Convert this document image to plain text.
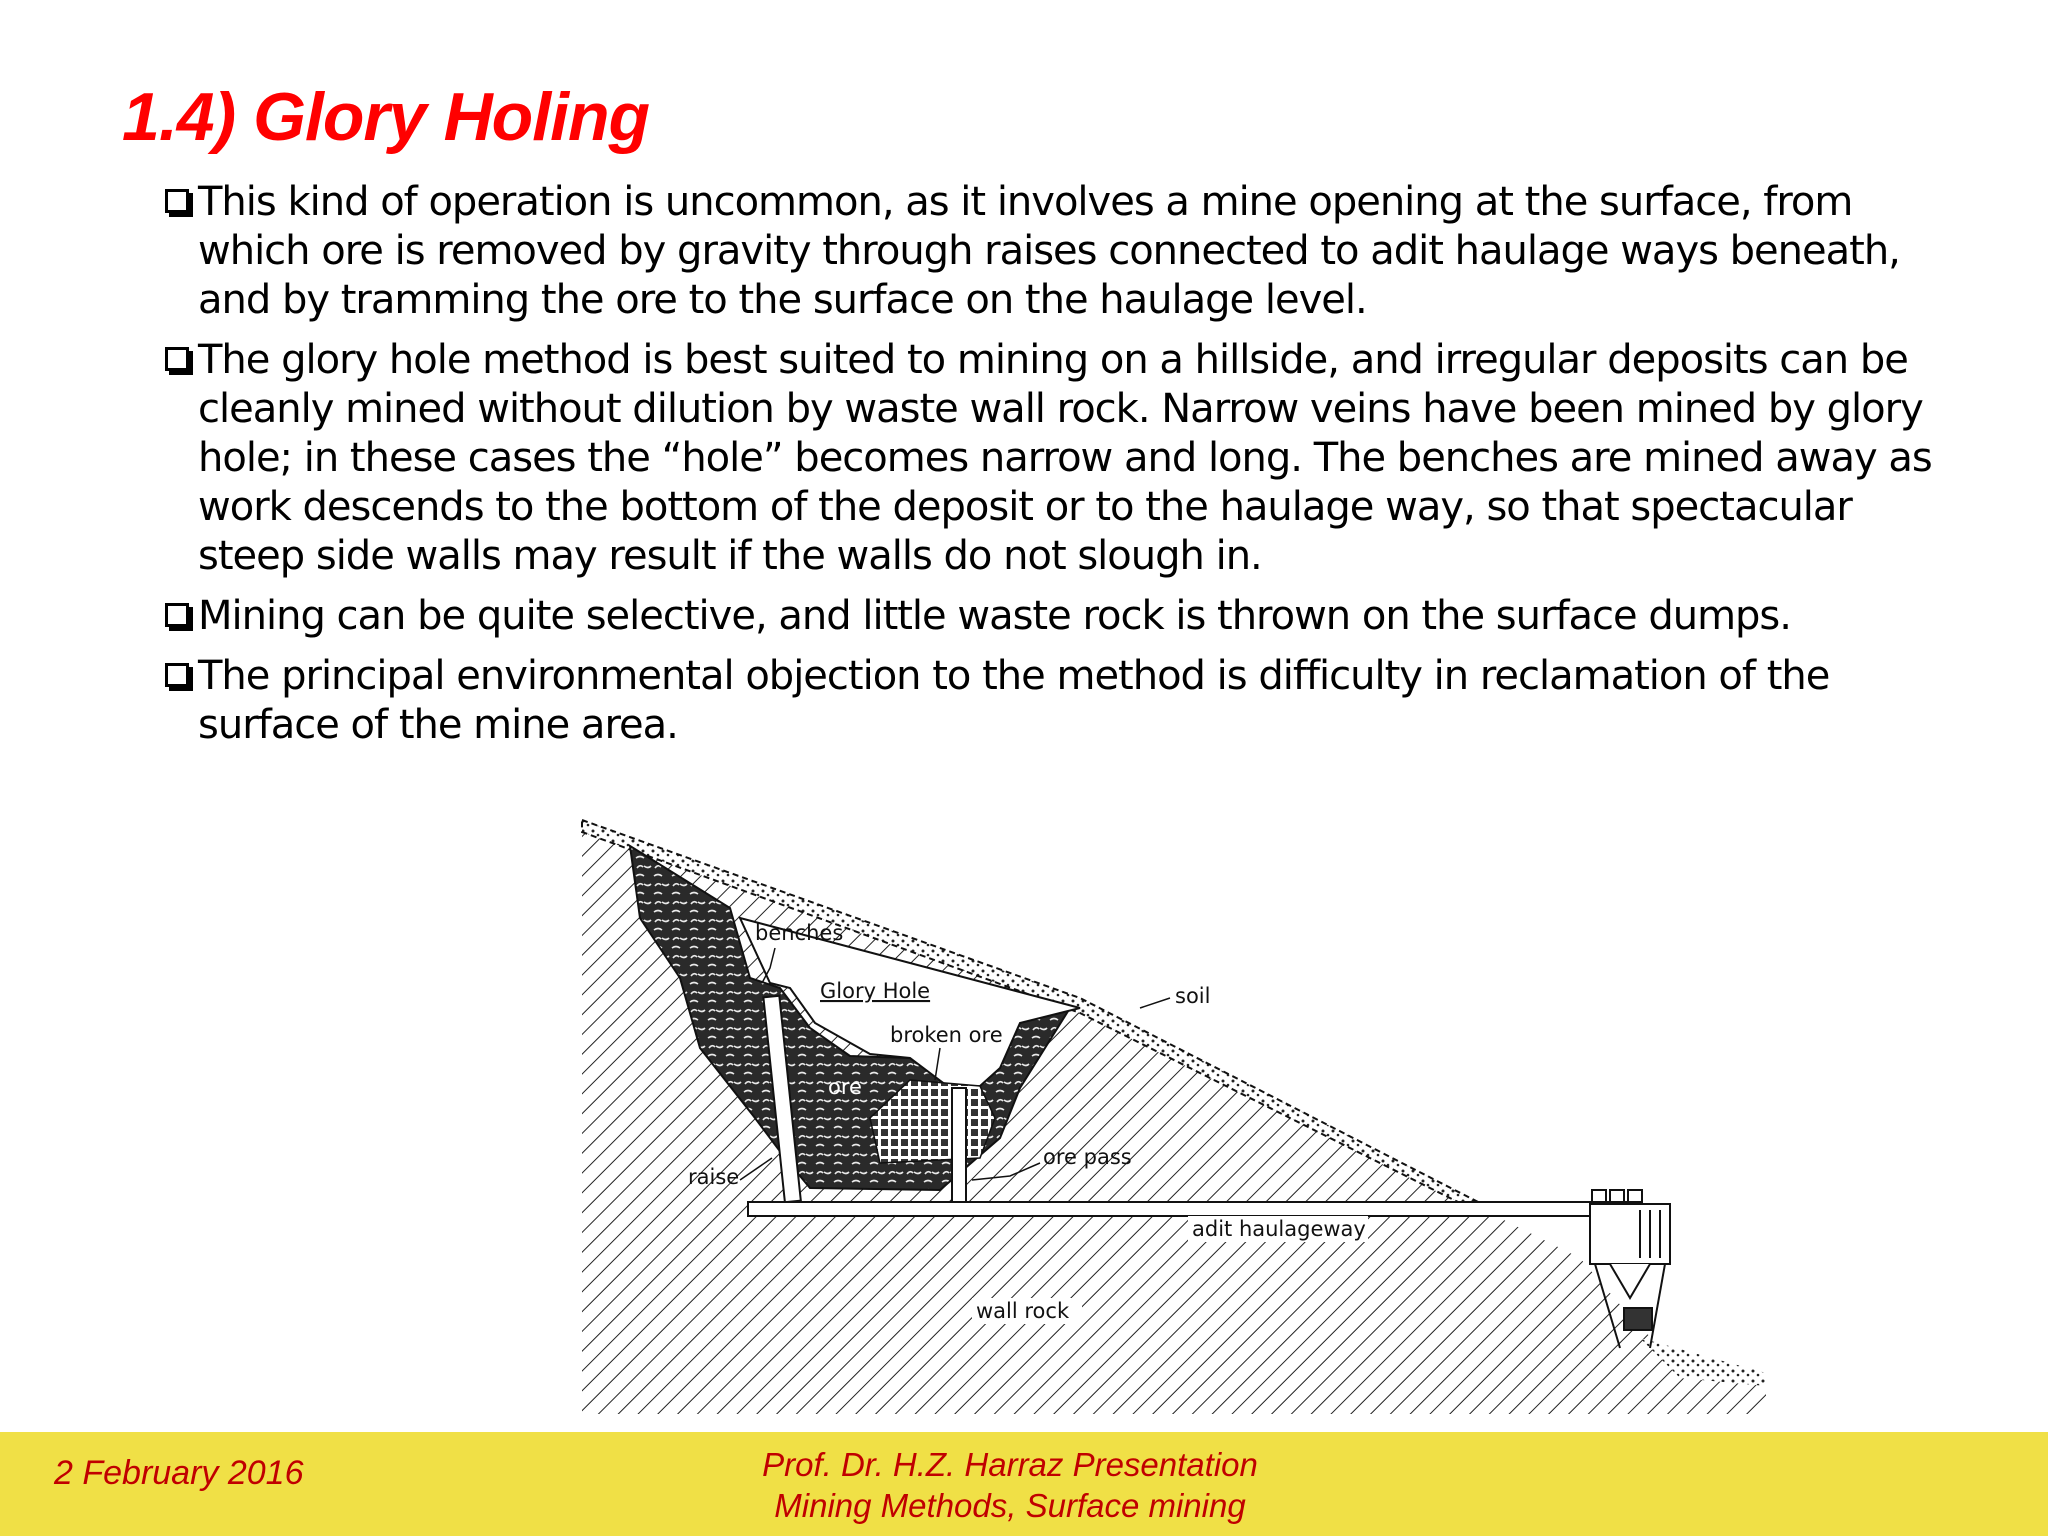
1.4) Glory Holing
This kind of operation is uncommon, as it involves a mine opening at the surface, from which ore is removed by gravity through raises connected to adit haulage ways beneath, and by tramming the ore to the surface on the haulage level.
The glory hole method is best suited to mining on a hillside, and irregular deposits can be cleanly mined without dilution by waste wall rock. Narrow veins have been mined by glory hole; in these cases the “hole” becomes narrow and long. The benches are mined away as work descends to the bottom of the deposit or to the haulage way, so that spectacular steep side walls may result if the walls do not slough in.
Mining can be quite selective, and little waste rock is thrown on the surface dumps.
The principal environmental objection to the method is difficulty in reclamation of the surface of the mine area.
benches
Glory Hole	soil
broken ore
ore
ore pass
raise
adit haulageway
wall rock
2 February 2016	Prof. Dr. H.Z. Harraz Presentation
Mining Methods, Surface mining
